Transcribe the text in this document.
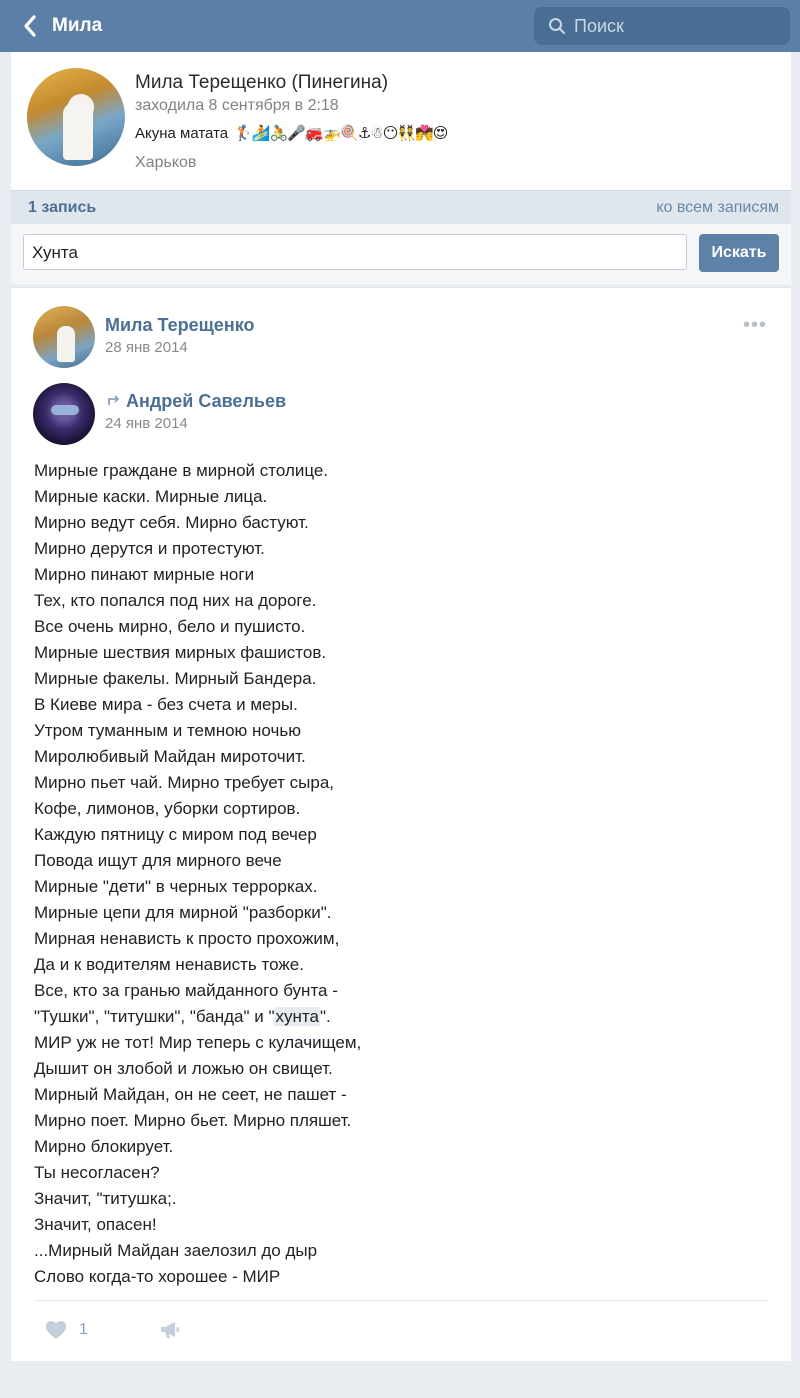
Мила	Поиск
Мила Терещенко (Пинегина)
заходила 8 сентября в 2:18
Акуна матата 🏌🏄🚴🎤🚒🚁🍭⚓☃😶👯💏😍
Харьков
1 запись	ко всем записям
Хунта	Искать
Мила Терещенко
28 янв 2014
•••
Андрей Савельев
24 янв 2014
Мирные граждане в мирной столице.
Мирные каски. Мирные лица.
Мирно ведут себя. Мирно бастуют.
Мирно дерутся и протестуют.
Мирно пинают мирные ноги
Тех, кто попался под них на дороге.
Все очень мирно, бело и пушисто.
Мирные шествия мирных фашистов.
Мирные факелы. Мирный Бандера.
В Киеве мира - без счета и меры.
Утром туманным и темною ночью
Миролюбивый Майдан мироточит.
Мирно пьет чай. Мирно требует сыра,
Кофе, лимонов, уборки сортиров.
Каждую пятницу с миром под вечер
Повода ищут для мирного вече
Мирные "дети" в черных террорках.
Мирные цепи для мирной "разборки".
Мирная ненависть к просто прохожим,
Да и к водителям ненависть тоже.
Все, кто за гранью майданного бунта -
"Тушки", "титушки", "банда" и "хунта".
МИР уж не тот! Мир теперь с кулачищем,
Дышит он злобой и ложью он свищет.
Мирный Майдан, он не сеет, не пашет -
Мирно поет. Мирно бьет. Мирно пляшет.
Мирно блокирует.
Ты несогласен?
Значит, "титушка;.
Значит, опасен!
...Мирный Майдан заелозил до дыр
Слово когда-то хорошее - МИР
1
